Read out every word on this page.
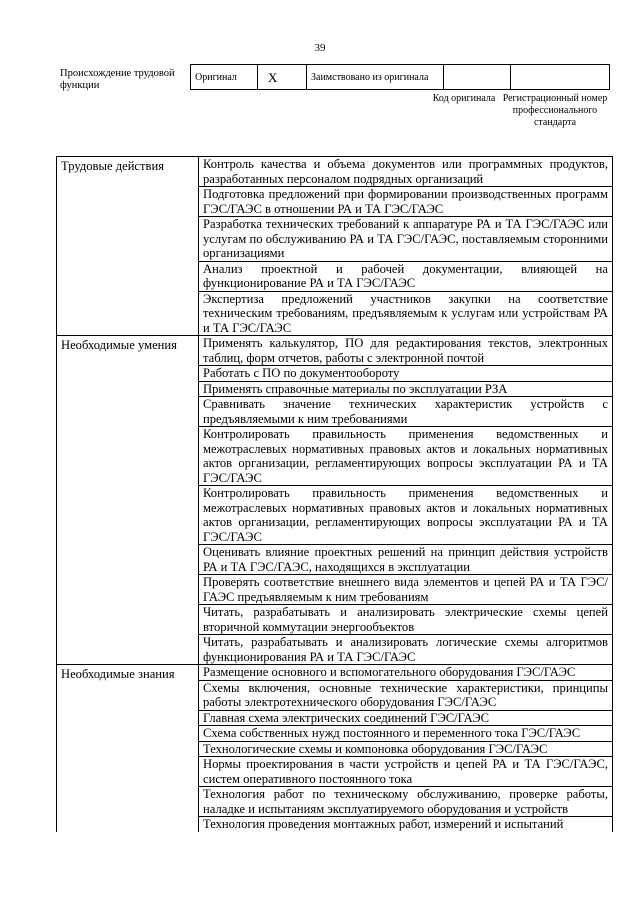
39
Происхождение трудовой функции
Оригинал	X	Заимствовано из оригинала		
Код оригинала Регистрационный номер профессионального стандарта
Трудовые действия	Контроль качества и объема документов или программных продуктов, разработанных персоналом подрядных организаций
	Подготовка предложений при формировании производственных программ ГЭС/ГАЭС в отношении РА и ТА ГЭС/ГАЭС
	Разработка технических требований к аппаратуре РА и ТА ГЭС/ГАЭС или услугам по обслуживанию РА и ТА ГЭС/ГАЭС, поставляемым сторонними организациями
	Анализ проектной и рабочей документации, влияющей на функционирование РА и ТА ГЭС/ГАЭС
	Экспертиза предложений участников закупки на соответствие техническим требованиям, предъявляемым к услугам или устройствам РА и ТА ГЭС/ГАЭС
Необходимые умения	Применять калькулятор, ПО для редактирования текстов, электронных таблиц, форм отчетов, работы с электронной почтой
	Работать с ПО по документообороту
	Применять справочные материалы по эксплуатации РЗА
	Сравнивать значение технических характеристик устройств с предъявляемыми к ним требованиями
	Контролировать правильность применения ведомственных и межотраслевых нормативных правовых актов и локальных нормативных актов организации, регламентирующих вопросы эксплуатации РА и ТА ГЭС/ГАЭС
	Контролировать правильность применения ведомственных и межотраслевых нормативных правовых актов и локальных нормативных актов организации, регламентирующих вопросы эксплуатации РА и ТА ГЭС/ГАЭС
	Оценивать влияние проектных решений на принцип действия устройств РА и ТА ГЭС/ГАЭС, находящихся в эксплуатации
	Проверять соответствие внешнего вида элементов и цепей РА и ТА ГЭС/ГАЭС предъявляемым к ним требованиям
	Читать, разрабатывать и анализировать электрические схемы цепей вторичной коммутации энергообъектов
	Читать, разрабатывать и анализировать логические схемы алгоритмов функционирования РА и ТА ГЭС/ГАЭС
Необходимые знания	Размещение основного и вспомогательного оборудования ГЭС/ГАЭС
	Схемы включения, основные технические характеристики, принципы работы электротехнического оборудования ГЭС/ГАЭС
	Главная схема электрических соединений ГЭС/ГАЭС
	Схема собственных нужд постоянного и переменного тока ГЭС/ГАЭС
	Технологические схемы и компоновка оборудования ГЭС/ГАЭС
	Нормы проектирования в части устройств и цепей РА и ТА ГЭС/ГАЭС, систем оперативного постоянного тока
	Технология работ по техническому обслуживанию, проверке работы, наладке и испытаниям эксплуатируемого оборудования и устройств
	Технология проведения монтажных работ, измерений и испытаний
